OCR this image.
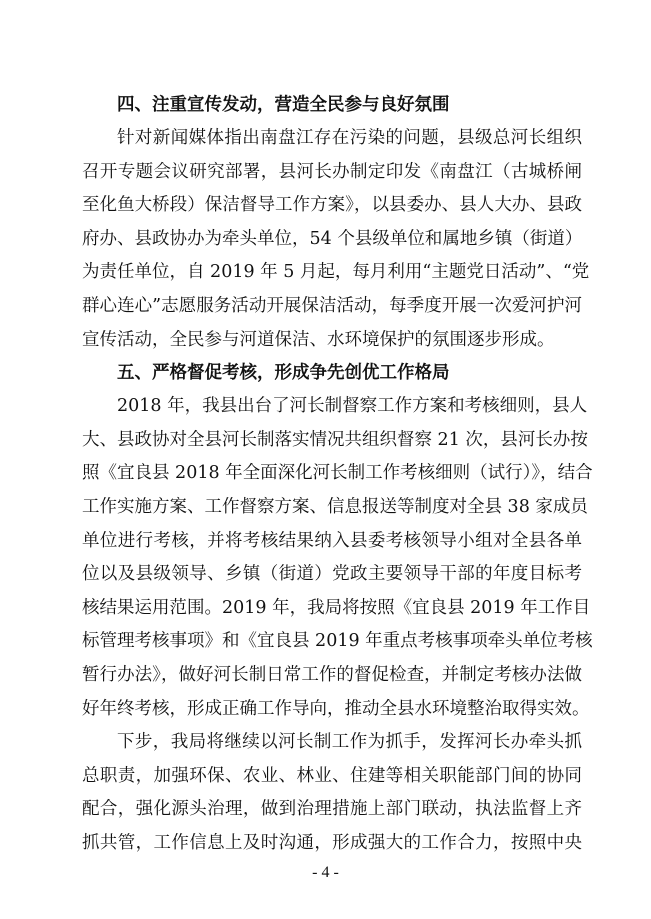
四、注重宣传发动，营造全民参与良好氛围

针对新闻媒体指出南盘江存在污染的问题，县级总河长组织
召开专题会议研究部署，县河长办制定印发《南盘江（古城桥闸
至化鱼大桥段）保洁督导工作方案》，以县委办、县人大办、县政
府办、县政协办为牵头单位，54 个县级单位和属地乡镇（街道）
为责任单位，自 2019 年 5 月起，每月利用“主题党日活动”、“党
群心连心”志愿服务活动开展保洁活动，每季度开展一次爱河护河
宣传活动，全民参与河道保洁、水环境保护的氛围逐步形成。

五、严格督促考核，形成争先创优工作格局

2018 年，我县出台了河长制督察工作方案和考核细则，县人
大、县政协对全县河长制落实情况共组织督察 21 次，县河长办按
照《宜良县 2018 年全面深化河长制工作考核细则（试行）》，结合
工作实施方案、工作督察方案、信息报送等制度对全县 38 家成员
单位进行考核，并将考核结果纳入县委考核领导小组对全县各单
位以及县级领导、乡镇（街道）党政主要领导干部的年度目标考
核结果运用范围。2019 年，我局将按照《宜良县 2019 年工作目
标管理考核事项》和《宜良县 2019 年重点考核事项牵头单位考核
暂行办法》，做好河长制日常工作的督促检查，并制定考核办法做
好年终考核，形成正确工作导向，推动全县水环境整治取得实效。

下步，我局将继续以河长制工作为抓手，发挥河长办牵头抓
总职责，加强环保、农业、林业、住建等相关职能部门间的协同
配合，强化源头治理，做到治理措施上部门联动，执法监督上齐
抓共管，工作信息上及时沟通，形成强大的工作合力，按照中央

- 4 -
